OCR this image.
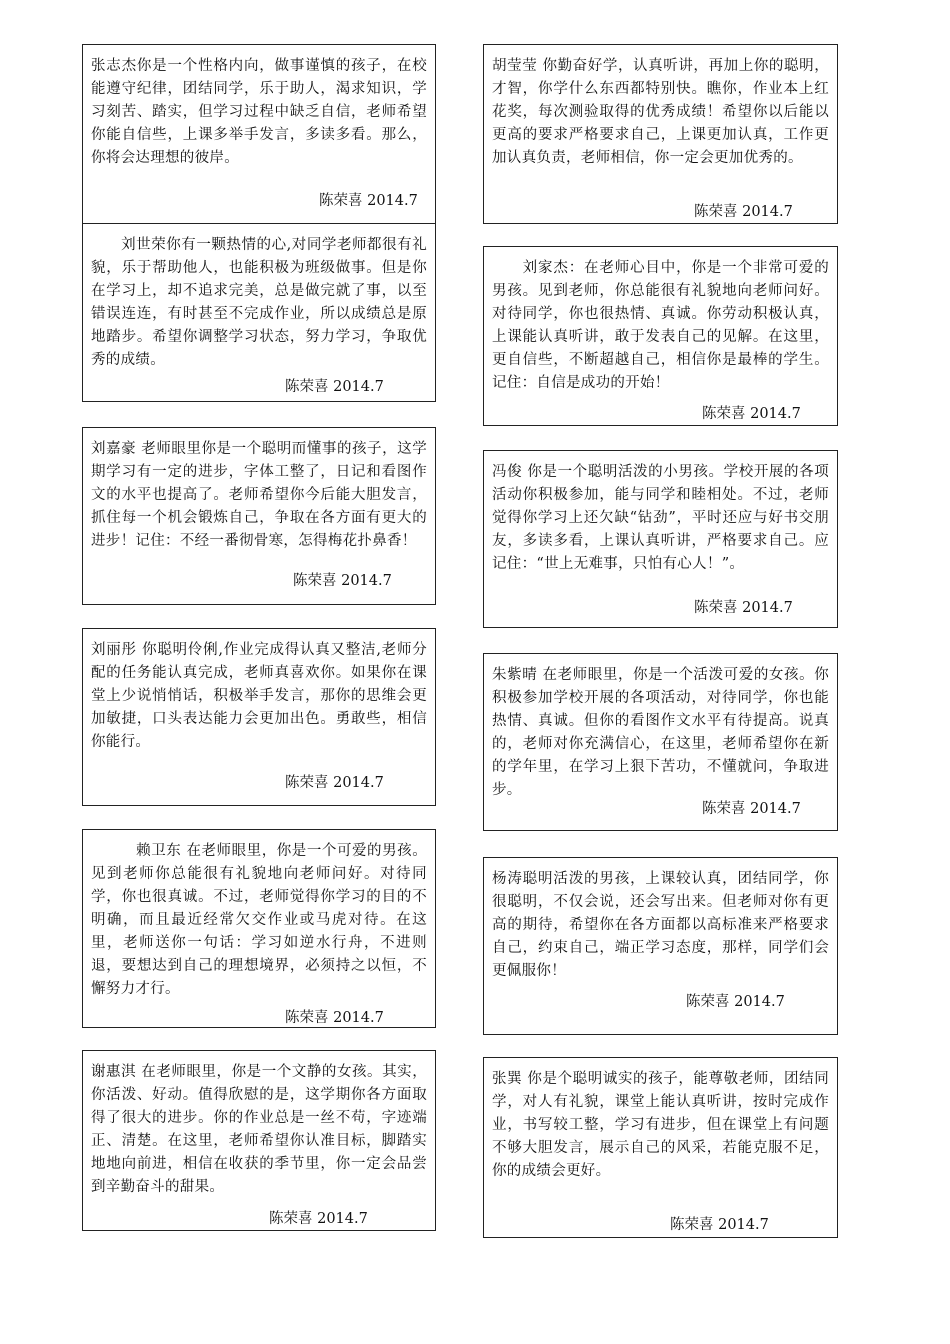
张志杰你是一个性格内向，做事谨慎的孩子，在校能遵守纪律，团结同学，乐于助人，渴求知识，学习刻苦、踏实，但学习过程中缺乏自信，老师希望你能自信些，上课多举手发言，多读多看。那么，你将会达理想的彼岸。

陈荣喜 2014.7

　　刘世荣你有一颗热情的心,对同学老师都很有礼貌，乐于帮助他人，也能积极为班级做事。但是你在学习上，却不追求完美，总是做完就了事，以至错误连连，有时甚至不完成作业，所以成绩总是原地踏步。希望你调整学习状态，努力学习，争取优秀的成绩。

陈荣喜 2014.7

刘嘉豪 老师眼里你是一个聪明而懂事的孩子，这学期学习有一定的进步，字体工整了，日记和看图作文的水平也提高了。老师希望你今后能大胆发言，抓住每一个机会锻炼自己，争取在各方面有更大的进步！记住：不经一番彻骨寒，怎得梅花扑鼻香！

陈荣喜 2014.7

刘丽彤 你聪明伶俐,作业完成得认真又整洁,老师分配的任务能认真完成，老师真喜欢你。如果你在课堂上少说悄悄话，积极举手发言，那你的思维会更加敏捷，口头表达能力会更加出色。勇敢些，相信你能行。

陈荣喜 2014.7

　　　赖卫东 在老师眼里，你是一个可爱的男孩。见到老师你总能很有礼貌地向老师问好。对待同学，你也很真诚。不过，老师觉得你学习的目的不明确，而且最近经常欠交作业或马虎对待。在这里，老师送你一句话：学习如逆水行舟，不进则退，要想达到自己的理想境界，必须持之以恒，不懈努力才行。

陈荣喜 2014.7

谢惠淇 在老师眼里，你是一个文静的女孩。其实，你活泼、好动。值得欣慰的是，这学期你各方面取得了很大的进步。你的作业总是一丝不苟，字迹端正、清楚。在这里，老师希望你认准目标，脚踏实地地向前进，相信在收获的季节里，你一定会品尝到辛勤奋斗的甜果。

陈荣喜 2014.7

胡莹莹 你勤奋好学，认真听讲，再加上你的聪明，才智，你学什么东西都特别快。瞧你，作业本上红花奖，每次测验取得的优秀成绩！希望你以后能以更高的要求严格要求自己，上课更加认真，工作更加认真负责，老师相信，你一定会更加优秀的。

陈荣喜 2014.7

　　刘家杰：在老师心目中，你是一个非常可爱的男孩。见到老师，你总能很有礼貌地向老师问好。对待同学，你也很热情、真诚。你劳动积极认真，上课能认真听讲，敢于发表自己的见解。在这里，更自信些，不断超越自己，相信你是最棒的学生。记住：自信是成功的开始！

陈荣喜 2014.7

冯俊 你是一个聪明活泼的小男孩。学校开展的各项活动你积极参加，能与同学和睦相处。不过，老师觉得你学习上还欠缺“钻劲”，平时还应与好书交朋友，多读多看，上课认真听讲，严格要求自己。应记住：“世上无难事，只怕有心人！”。

陈荣喜 2014.7

朱紫晴 在老师眼里，你是一个活泼可爱的女孩。你积极参加学校开展的各项活动，对待同学，你也能热情、真诚。但你的看图作文水平有待提高。说真的，老师对你充满信心，在这里，老师希望你在新的学年里，在学习上狠下苦功，不懂就问，争取进步。

陈荣喜 2014.7

杨涛聪明活泼的男孩，上课较认真，团结同学，你很聪明，不仅会说，还会写出来。但老师对你有更高的期待，希望你在各方面都以高标准来严格要求自己，约束自己，端正学习态度，那样，同学们会更佩服你！

陈荣喜 2014.7

张巽 你是个聪明诚实的孩子，能尊敬老师，团结同学，对人有礼貌，课堂上能认真听讲，按时完成作业，书写较工整，学习有进步，但在课堂上有问题不够大胆发言，展示自己的风采，若能克服不足，你的成绩会更好。

陈荣喜 2014.7
